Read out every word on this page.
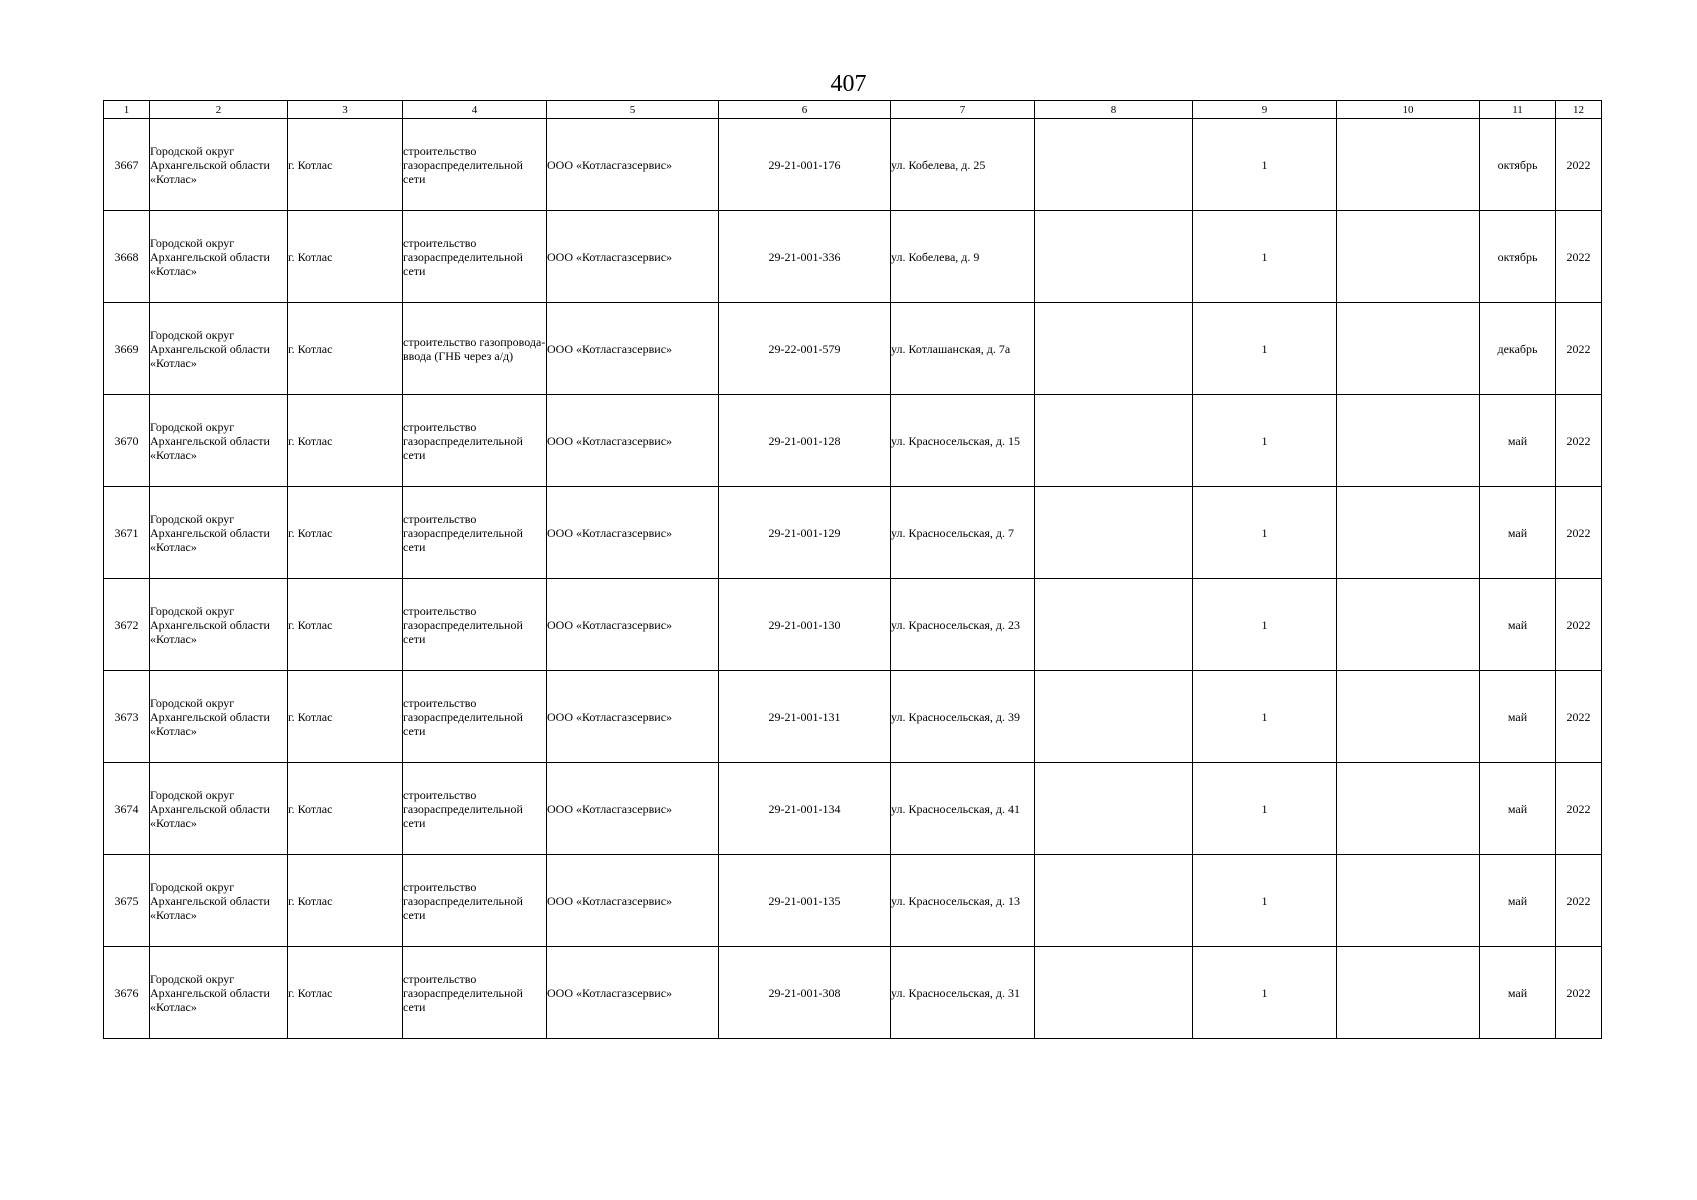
407
1	2	3	4	5	6	7	8	9	10	11	12
3667	Городской округ Архангельской области «Котлас»	г. Котлас	строительство газораспределительной сети	ООО «Котласгазсервис»	29-21-001-176	ул. Кобелева, д. 25		1		октябрь	2022
3668	Городской округ Архангельской области «Котлас»	г. Котлас	строительство газораспределительной сети	ООО «Котласгазсервис»	29-21-001-336	ул. Кобелева, д. 9		1		октябрь	2022
3669	Городской округ Архангельской области «Котлас»	г. Котлас	строительство газопровода-ввода (ГНБ через а/д)	ООО «Котласгазсервис»	29-22-001-579	ул. Котлашанская, д. 7а		1		декабрь	2022
3670	Городской округ Архангельской области «Котлас»	г. Котлас	строительство газораспределительной сети	ООО «Котласгазсервис»	29-21-001-128	ул. Красносельская, д. 15		1		май	2022
3671	Городской округ Архангельской области «Котлас»	г. Котлас	строительство газораспределительной сети	ООО «Котласгазсервис»	29-21-001-129	ул. Красносельская, д. 7		1		май	2022
3672	Городской округ Архангельской области «Котлас»	г. Котлас	строительство газораспределительной сети	ООО «Котласгазсервис»	29-21-001-130	ул. Красносельская, д. 23		1		май	2022
3673	Городской округ Архангельской области «Котлас»	г. Котлас	строительство газораспределительной сети	ООО «Котласгазсервис»	29-21-001-131	ул. Красносельская, д. 39		1		май	2022
3674	Городской округ Архангельской области «Котлас»	г. Котлас	строительство газораспределительной сети	ООО «Котласгазсервис»	29-21-001-134	ул. Красносельская, д. 41		1		май	2022
3675	Городской округ Архангельской области «Котлас»	г. Котлас	строительство газораспределительной сети	ООО «Котласгазсервис»	29-21-001-135	ул. Красносельская, д. 13		1		май	2022
3676	Городской округ Архангельской области «Котлас»	г. Котлас	строительство газораспределительной сети	ООО «Котласгазсервис»	29-21-001-308	ул. Красносельская, д. 31		1		май	2022
